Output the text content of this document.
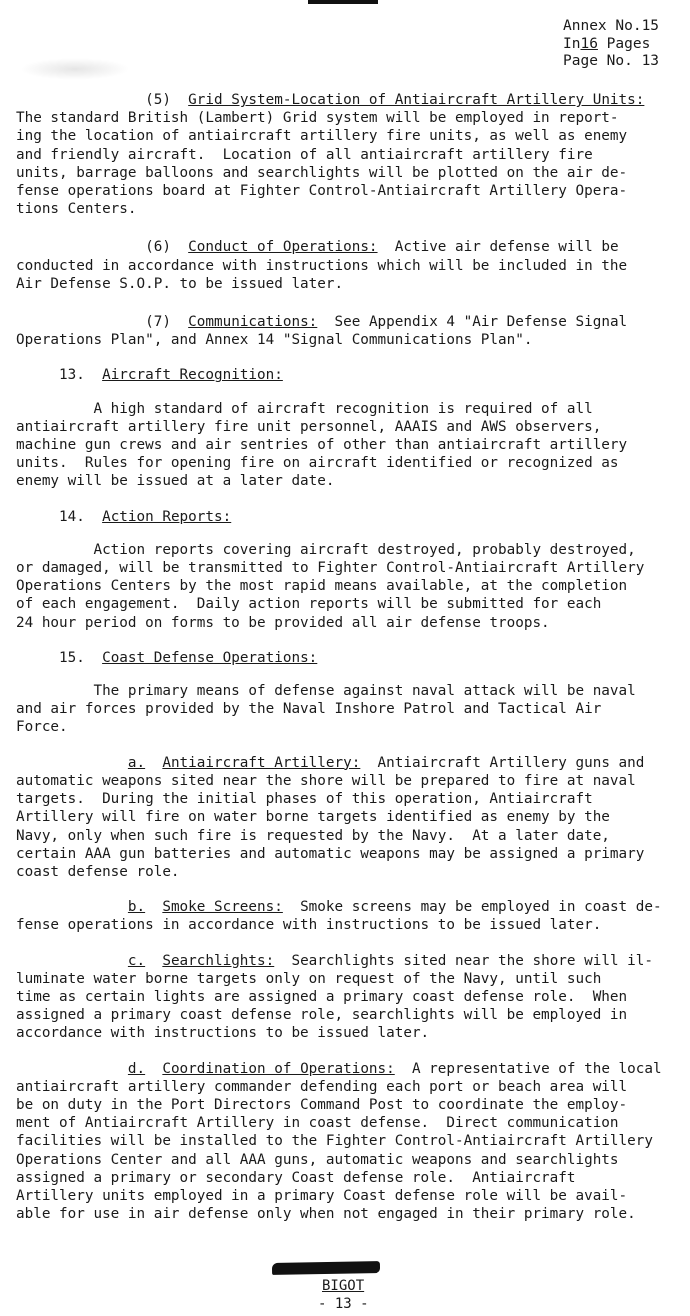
Annex No.15
In16 Pages
Page No. 13

(5) Grid System-Location of Antiaircraft Artillery Units:

The standard British (Lambert) Grid system will be employed in report-

ing the location of antiaircraft artillery fire units, as well as enemy

and friendly aircraft.  Location of all antiaircraft artillery fire

units, barrage balloons and searchlights will be plotted on the air de-

fense operations board at Fighter Control-Antiaircraft Artillery Opera-

tions Centers.

(6) Conduct of Operations:  Active air defense will be

conducted in accordance with instructions which will be included in the

Air Defense S.O.P. to be issued later.

(7) Communications:  See Appendix 4 "Air Defense Signal

Operations Plan", and Annex 14 "Signal Communications Plan".

13. Aircraft Recognition:

A high standard of aircraft recognition is required of all

antiaircraft artillery fire unit personnel, AAAIS and AWS observers,

machine gun crews and air sentries of other than antiaircraft artillery

units.  Rules for opening fire on aircraft identified or recognized as

enemy will be issued at a later date.

14. Action Reports:

Action reports covering aircraft destroyed, probably destroyed,

or damaged, will be transmitted to Fighter Control-Antiaircraft Artillery

Operations Centers by the most rapid means available, at the completion

of each engagement.  Daily action reports will be submitted for each

24 hour period on forms to be provided all air defense troops.

15. Coast Defense Operations:

The primary means of defense against naval attack will be naval

and air forces provided by the Naval Inshore Patrol and Tactical Air

Force.

a. Antiaircraft Artillery:  Antiaircraft Artillery guns and

automatic weapons sited near the shore will be prepared to fire at naval

targets.  During the initial phases of this operation, Antiaircraft

Artillery will fire on water borne targets identified as enemy by the

Navy, only when such fire is requested by the Navy.  At a later date,

certain AAA gun batteries and automatic weapons may be assigned a primary

coast defense role.

b. Smoke Screens:  Smoke screens may be employed in coast de-

fense operations in accordance with instructions to be issued later.

c. Searchlights:  Searchlights sited near the shore will il-

luminate water borne targets only on request of the Navy, until such

time as certain lights are assigned a primary coast defense role.  When

assigned a primary coast defense role, searchlights will be employed in

accordance with instructions to be issued later.

d. Coordination of Operations:  A representative of the local

antiaircraft artillery commander defending each port or beach area will

be on duty in the Port Directors Command Post to coordinate the employ-

ment of Antiaircraft Artillery in coast defense.  Direct communication

facilities will be installed to the Fighter Control-Antiaircraft Artillery

Operations Center and all AAA guns, automatic weapons and searchlights

assigned a primary or secondary Coast defense role.  Antiaircraft

Artillery units employed in a primary Coast defense role will be avail-

able for use in air defense only when not engaged in their primary role.

BIGOT
- 13 -
